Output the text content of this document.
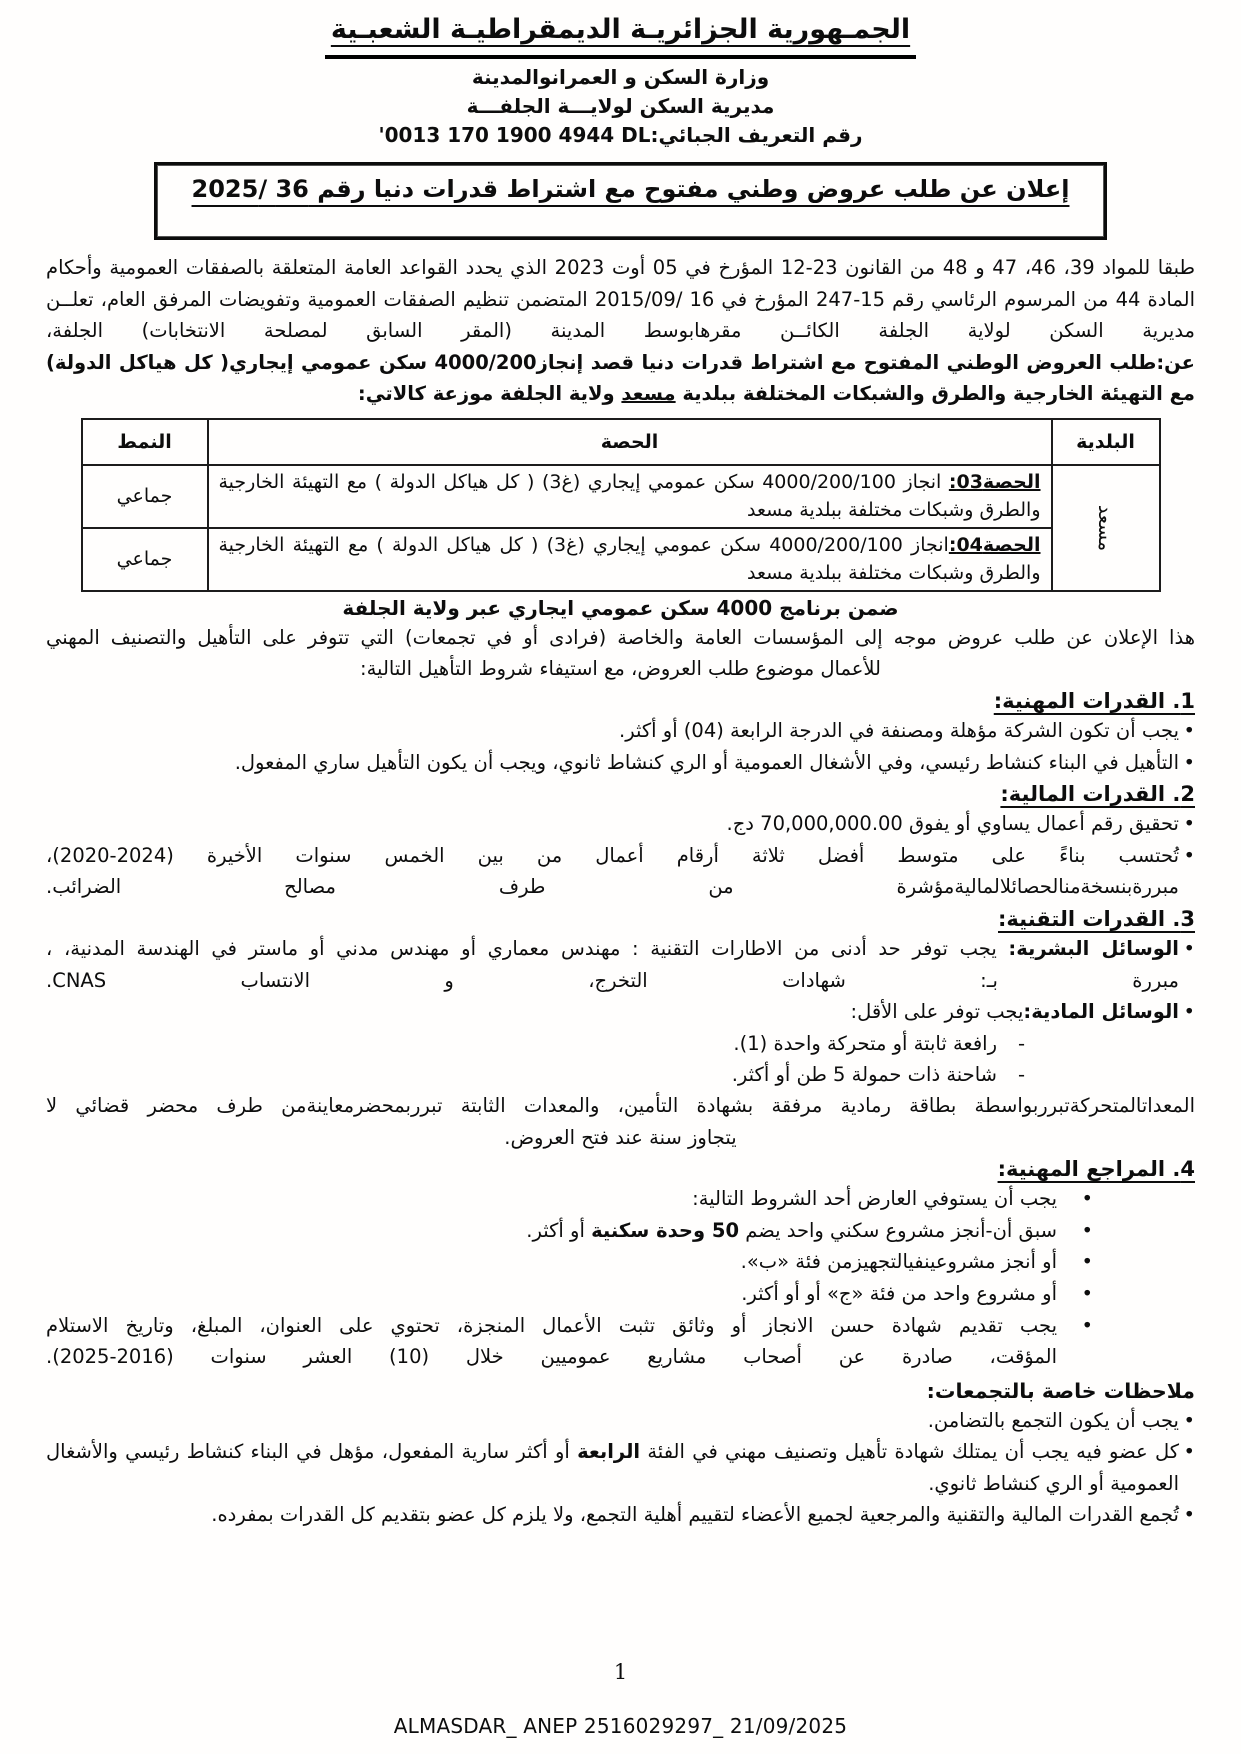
الجمـهورية الجزائريـة الديمقراطيـة الشعبـية
وزارة السكن و العمرانوالمدينة
مديرية السكن لولايـــة الجلفـــة
رقم التعريف الجبائي:'0013 170 1900 4944 DL
إعلان عن طلب عروض وطني مفتوح مع اشتراط قدرات دنيا رقم 36 /2025

طبقا للمواد 39، 46، 47 و 48 من القانون 23-12 المؤرخ في 05 أوت 2023 الذي يحدد القواعد العامة المتعلقة بالصفقات العمومية وأحكام المادة 44 من المرسوم الرئاسي رقم 15-247 المؤرخ في 2015/09/ 16 المتضمن تنظيم الصفقات العمومية وتفويضات المرفق العام، تعلــن مديرية السكن لولاية الجلفة الكائــن مقرهابوسط المدينة (المقر السابق لمصلحة الانتخابات) الجلفة،

عن:طلب العروض الوطني المفتوح مع اشتراط قدرات دنيا قصد إنجاز4000/200 سكن عمومي إيجاري( كل هياكل الدولة) مع التهيئة الخارجية والطرق والشبكات المختلفة ببلدية مسعد ولاية الجلفة موزعة كالاتي:

البلدية	الحصة	النمط

مسعد	الحصة03: انجاز 4000/200/100 سكن عمومي إيجاري (غ3) ( كل هياكل الدولة ) مع التهيئة الخارجية والطرق وشبكات مختلفة ببلدية مسعد	جماعي
	الحصة04:انجاز 4000/200/100 سكن عمومي إيجاري (غ3) ( كل هياكل الدولة ) مع التهيئة الخارجية والطرق وشبكات مختلفة ببلدية مسعد	جماعي
ضمن برنامج 4000 سكن عمومي ايجاري عبر ولاية الجلفة

هذا الإعلان عن طلب عروض موجه إلى المؤسسات العامة والخاصة (فرادى أو في تجمعات) التي تتوفر على التأهيل والتصنيف المهني

للأعمال موضوع طلب العروض، مع استيفاء شروط التأهيل التالية:

1. القدرات المهنية:
• يجب أن تكون الشركة مؤهلة ومصنفة في الدرجة الرابعة (04) أو أكثر.
• التأهيل في البناء كنشاط رئيسي، وفي الأشغال العمومية أو الري كنشاط ثانوي، ويجب أن يكون التأهيل ساري المفعول.
2. القدرات المالية:
• تحقيق رقم أعمال يساوي أو يفوق 70,000,000.00 دج.
• تُحتسب بناءً على متوسط أفضل ثلاثة أرقام أعمال من بين الخمس سنوات الأخيرة (2024-2020)،
مبررةبنسخةمنالحصائلالماليةمؤشرة من طرف مصالح الضرائب.
3. القدرات التقنية:
• الوسائل البشرية: يجب توفر حد أدنى من الاطارات التقنية : مهندس معماري أو مهندس مدني أو ماستر في الهندسة المدنية، ،
مبررة بـ: شهادات التخرج، و الانتساب CNAS.
• الوسائل المادية:يجب توفر على الأقل:
- رافعة ثابتة أو متحركة واحدة (1).
- شاحنة ذات حمولة 5 طن أو أكثر.

المعداتالمتحركةتبرربواسطة بطاقة رمادية مرفقة بشهادة التأمين، والمعدات الثابتة تبرربمحضرمعاينةمن طرف محضر قضائي لا

يتجاوز سنة عند فتح العروض.

4. المراجع المهنية:
• يجب أن يستوفي العارض أحد الشروط التالية:
• سبق أن-أنجز مشروع سكني واحد يضم 50 وحدة سكنية أو أكثر.
• أو أنجز مشروعينفيالتجهيزمن فئة «ب».
• أو مشروع واحد من فئة «ج» أو أو أكثر.
• يجب تقديم شهادة حسن الانجاز أو وثائق تثبت الأعمال المنجزة، تحتوي على العنوان، المبلغ، وتاريخ الاستلام
المؤقت، صادرة عن أصحاب مشاريع عموميين خلال (10) العشر سنوات (2016-2025).
ملاحظات خاصة بالتجمعات:
• يجب أن يكون التجمع بالتضامن.
• كل عضو فيه يجب أن يمتلك شهادة تأهيل وتصنيف مهني في الفئة الرابعة أو أكثر سارية المفعول، مؤهل في البناء كنشاط رئيسي والأشغال العمومية أو الري كنشاط ثانوي.
• تُجمع القدرات المالية والتقنية والمرجعية لجميع الأعضاء لتقييم أهلية التجمع، ولا يلزم كل عضو بتقديم كل القدرات بمفرده.
1
ALMASDAR_ ANEP 2516029297_ 21/09/2025
